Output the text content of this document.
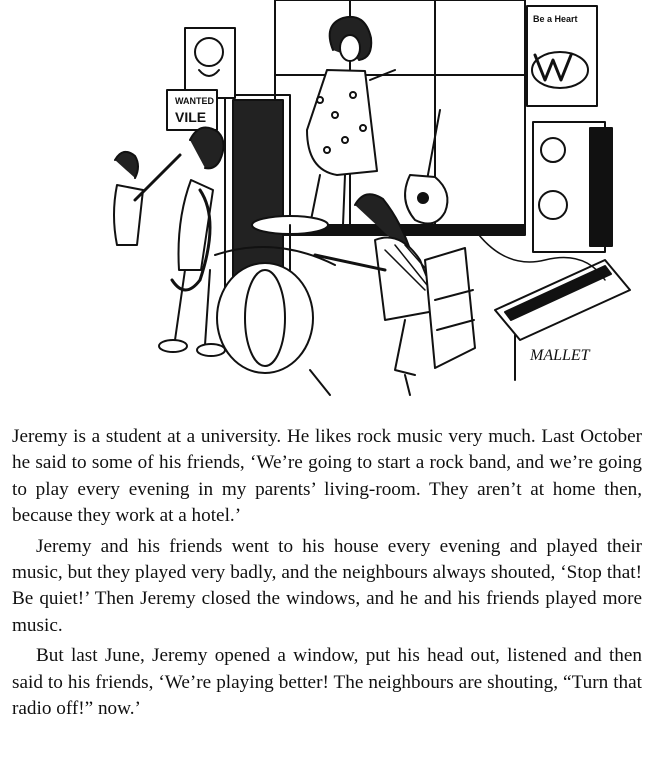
WANTED
VILE
Be a Heart
MALLET

Jeremy is a student at a university. He likes rock music very much. Last October he said to some of his friends, ‘We’re going to start a rock band, and we’re going to play every evening in my parents’ living-room. They aren’t at home then, because they work at a hotel.’

Jeremy and his friends went to his house every evening and played their music, but they played very badly, and the neighbours always shouted, ‘Stop that! Be quiet!’ Then Jeremy closed the windows, and he and his friends played more music.

But last June, Jeremy opened a window, put his head out, listened and then said to his friends, ‘We’re playing better! The neighbours are shouting, “Turn that radio off!” now.’
